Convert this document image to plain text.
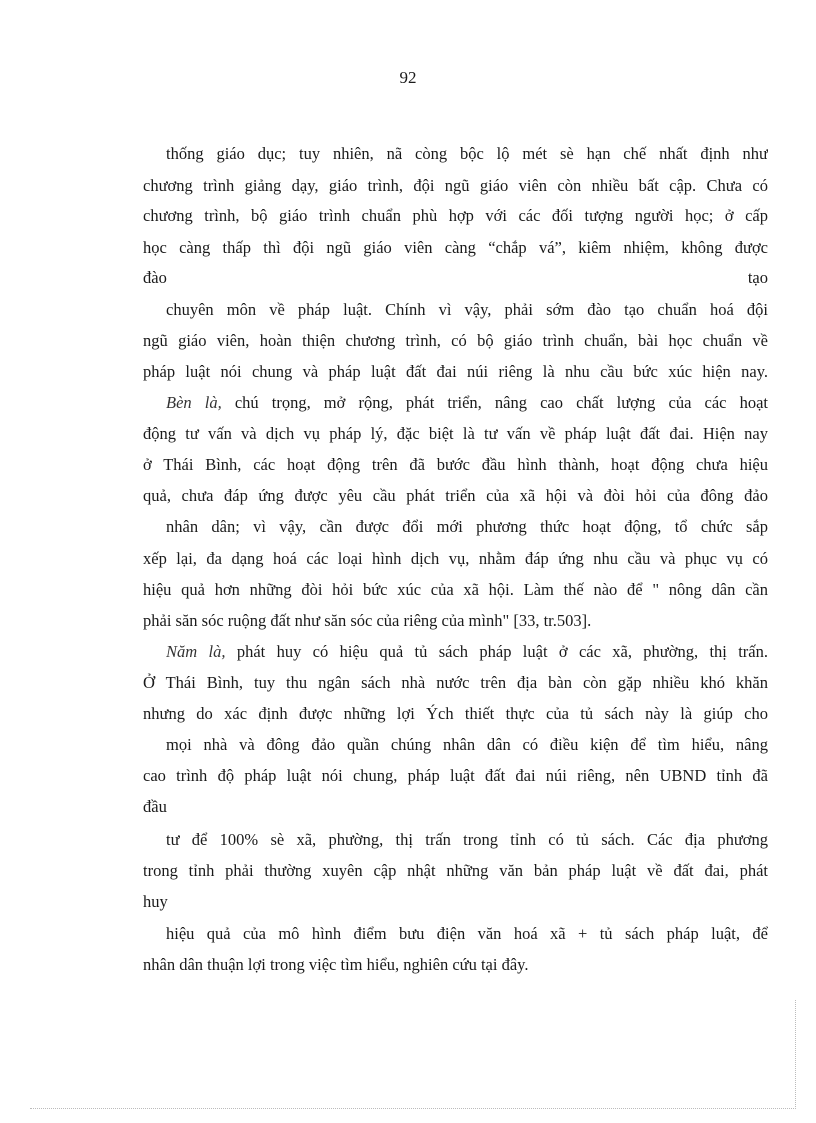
92
thống giáo dục; tuy nhiên, nã còng bộc lộ mét sè hạn chế nhất định như
chương trình giảng dạy, giáo trình, đội ngũ giáo viên còn nhiều bất cập. Chưa có
chương trình, bộ giáo trình chuẩn phù hợp với các đối tượng người học; ở cấp
học càng thấp thì đội ngũ giáo viên càng “chắp vá”, kiêm nhiệm, không được
đào	tạo
chuyên môn về pháp luật. Chính vì vậy, phải sớm đào tạo chuẩn hoá đội
ngũ giáo viên, hoàn thiện chương trình, có bộ giáo trình chuẩn, bài học chuẩn về
pháp luật nói chung và pháp luật đất đai núi riêng là nhu cầu bức xúc hiện nay.
Bèn là, chú trọng, mở rộng, phát triển, nâng cao chất lượng của các hoạt
động tư vấn và dịch vụ pháp lý, đặc biệt là tư vấn về pháp luật đất đai. Hiện nay
ở Thái Bình, các hoạt động trên đã bước đầu hình thành, hoạt động chưa hiệu
quả, chưa đáp ứng được yêu cầu phát triển của xã hội và đòi hỏi của đông đảo
nhân dân; vì vậy, cần được đổi mới phương thức hoạt động, tổ chức sắp
xếp lại, đa dạng hoá các loại hình dịch vụ, nhằm đáp ứng nhu cầu và phục vụ có
hiệu quả hơn những đòi hỏi bức xúc của xã hội. Làm thế nào để " nông dân cần
phải săn sóc ruộng đất như săn sóc của riêng của mình" [33, tr.503].
Năm là, phát huy có hiệu quả tủ sách pháp luật ở các xã, phường, thị trấn.
Ở Thái Bình, tuy thu ngân sách nhà nước trên địa bàn còn gặp nhiều khó khăn
nhưng do xác định được những lợi Ých thiết thực của tủ sách này là giúp cho
mọi nhà và đông đảo quần chúng nhân dân có điều kiện để tìm hiểu, nâng
cao trình độ pháp luật nói chung, pháp luật đất đai núi riêng, nên UBND tỉnh đã
đầu
tư để 100% sè xã, phường, thị trấn trong tỉnh có tủ sách. Các địa phương
trong tỉnh phải thường xuyên cập nhật những văn bản pháp luật về đất đai, phát
huy
hiệu quả của mô hình điểm bưu điện văn hoá xã + tủ sách pháp luật, để
nhân dân thuận lợi trong việc tìm hiểu, nghiên cứu tại đây.
